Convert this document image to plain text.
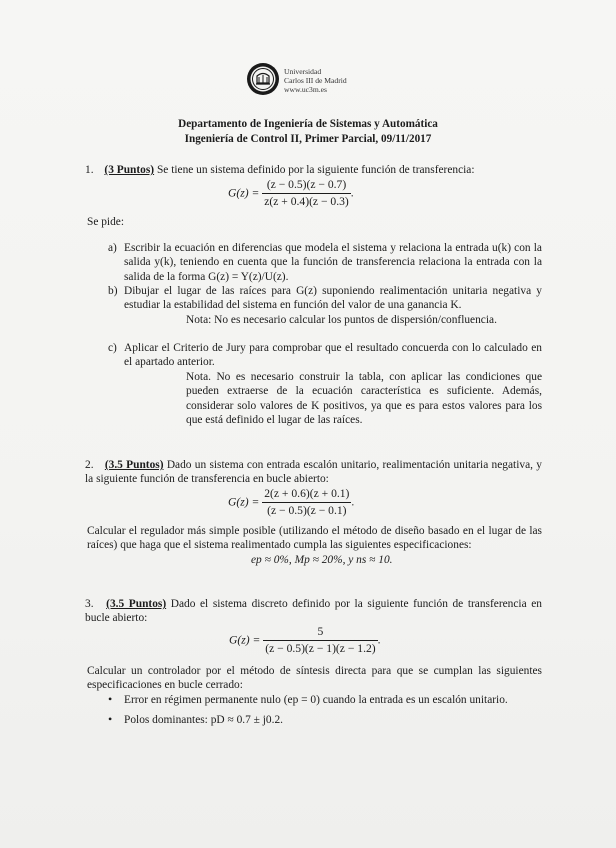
Universidad
Carlos III de Madrid
www.uc3m.es
Departamento de Ingeniería de Sistemas y Automática
Ingeniería de Control II, Primer Parcial, 09/11/2017
1. (3 Puntos) Se tiene un sistema definido por la siguiente función de transferencia:
$G(z) = \frac{(z - 0.5)(z - 0.7)}{z(z + 0.4)(z - 0.3)}$ .
Se pide:
a) Escribir la ecuación en diferencias que modela el sistema y relaciona la entrada u(k) con la salida y(k), teniendo en cuenta que la función de transferencia relaciona la entrada con la salida de la forma G(z) = Y(z)/U(z).
b) Dibujar el lugar de las raíces para G(z) suponiendo realimentación unitaria negativa y estudiar la estabilidad del sistema en función del valor de una ganancia K.
Nota: No es necesario calcular los puntos de dispersión/confluencia.
c) Aplicar el Criterio de Jury para comprobar que el resultado concuerda con lo calculado en el apartado anterior.
Nota. No es necesario construir la tabla, con aplicar las condiciones que pueden extraerse de la ecuación característica es suficiente. Además, considerar solo valores de K positivos, ya que es para estos valores para los que está definido el lugar de las raíces.
2. (3.5 Puntos) Dado un sistema con entrada escalón unitario, realimentación unitaria negativa, y la siguiente función de transferencia en bucle abierto:
$G(z) = \frac{2(z + 0.6)(z + 0.1)}{(z - 0.5)(z - 0.1)}$ .
Calcular el regulador más simple posible (utilizando el método de diseño basado en el lugar de las raíces) que haga que el sistema realimentado cumpla las siguientes especificaciones:
ep ≈ 0%, Mp ≈ 20%, y ns ≈ 10.
3. (3.5 Puntos) Dado el sistema discreto definido por la siguiente función de transferencia en bucle abierto:
$G(z) = \frac{5}{(z - 0.5)(z - 1)(z - 1.2)}$ .
Calcular un controlador por el método de síntesis directa para que se cumplan las siguientes especificaciones en bucle cerrado:
• Error en régimen permanente nulo (ep = 0) cuando la entrada es un escalón unitario.
• Polos dominantes: pD ≈ 0.7 ± j0.2.
